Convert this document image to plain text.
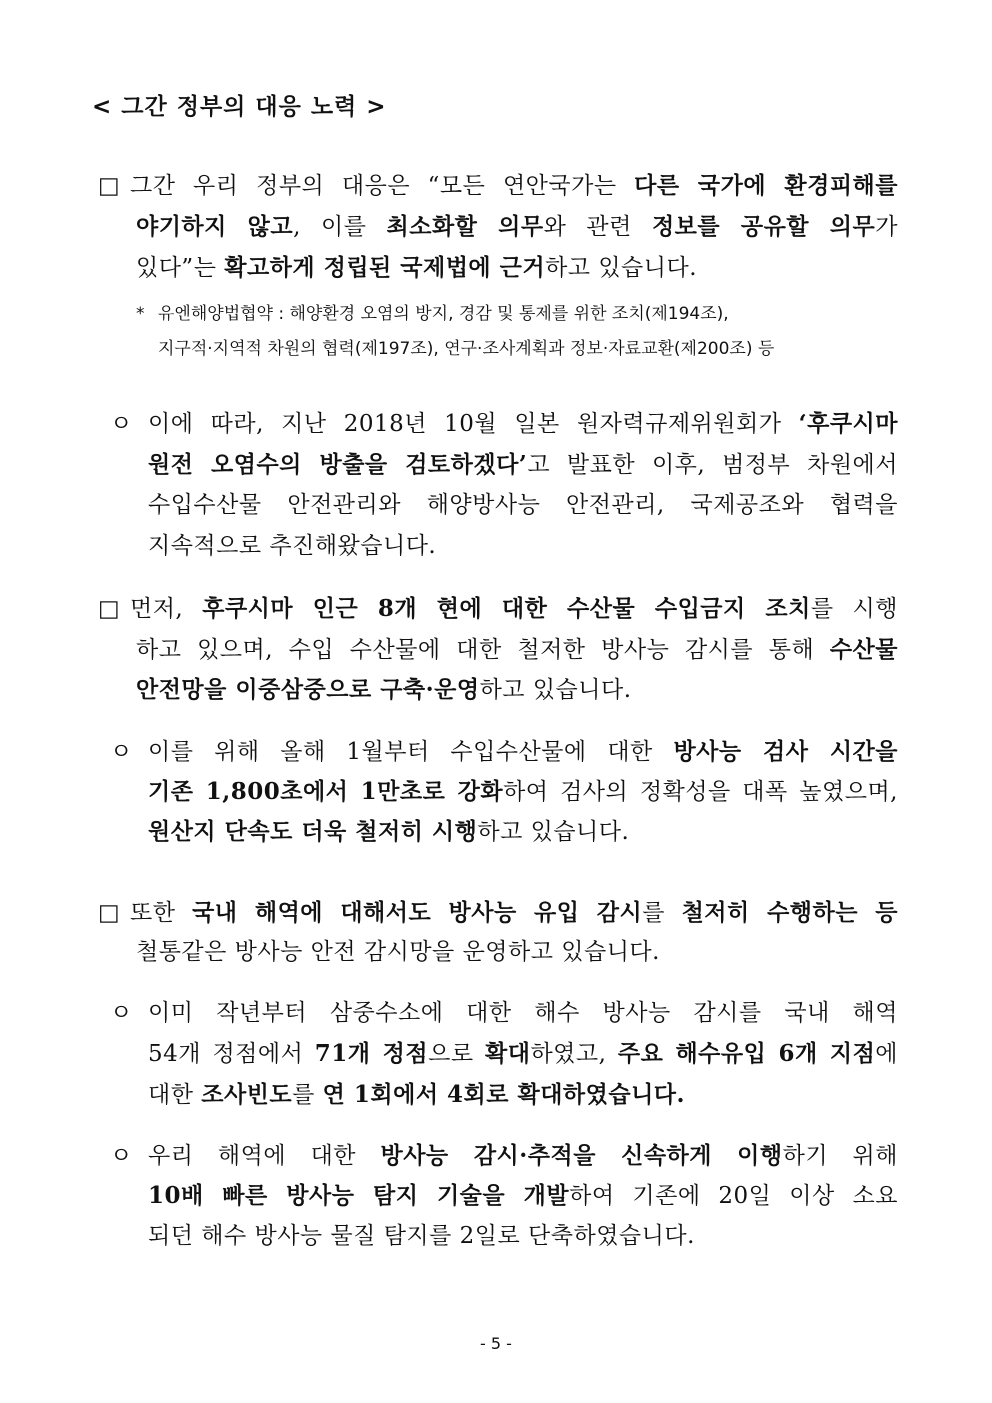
< 그간 정부의 대응 노력 >
□ 그간 우리 정부의 대응은 “모든 연안국가는 다른 국가에 환경피해를
야기하지 않고, 이를 최소화할 의무와 관련 정보를 공유할 의무가
있다”는 확고하게 정립된 국제법에 근거하고 있습니다.
* 유엔해양법협약 : 해양환경 오염의 방지, 경감 및 통제를 위한 조치(제194조),
지구적·지역적 차원의 협력(제197조), 연구·조사계획과 정보·자료교환(제200조) 등
ㅇ 이에 따라, 지난 2018년 10월 일본 원자력규제위원회가 ‘후쿠시마
원전 오염수의 방출을 검토하겠다’고 발표한 이후, 범정부 차원에서
수입수산물 안전관리와 해양방사능 안전관리, 국제공조와 협력을
지속적으로 추진해왔습니다.
□ 먼저, 후쿠시마 인근 8개 현에 대한 수산물 수입금지 조치를 시행
하고 있으며, 수입 수산물에 대한 철저한 방사능 감시를 통해 수산물
안전망을 이중삼중으로 구축·운영하고 있습니다.
ㅇ 이를 위해 올해 1월부터 수입수산물에 대한 방사능 검사 시간을
기존 1,800초에서 1만초로 강화하여 검사의 정확성을 대폭 높였으며,
원산지 단속도 더욱 철저히 시행하고 있습니다.
□ 또한 국내 해역에 대해서도 방사능 유입 감시를 철저히 수행하는 등
철통같은 방사능 안전 감시망을 운영하고 있습니다.
ㅇ 이미 작년부터 삼중수소에 대한 해수 방사능 감시를 국내 해역
54개 정점에서 71개 정점으로 확대하였고, 주요 해수유입 6개 지점에
대한 조사빈도를 연 1회에서 4회로 확대하였습니다.
ㅇ 우리 해역에 대한 방사능 감시·추적을 신속하게 이행하기 위해
10배 빠른 방사능 탐지 기술을 개발하여 기존에 20일 이상 소요
되던 해수 방사능 물질 탐지를 2일로 단축하였습니다.
- 5 -
